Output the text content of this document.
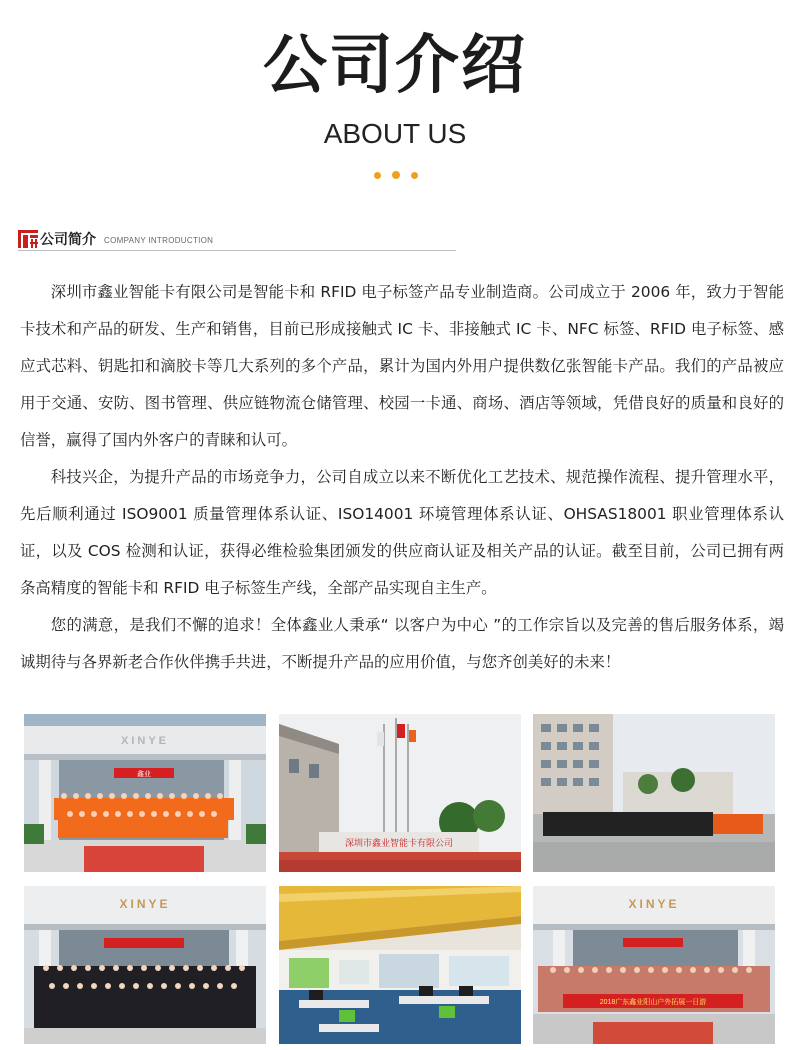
公司介绍
ABOUT US
公司简介 COMPANY INTRODUCTION

深圳市鑫业智能卡有限公司是智能卡和 RFID 电子标签产品专业制造商。公司成立于 2006 年，致力于智能卡技术和产品的研发、生产和销售，目前已形成接触式 IC 卡、非接触式 IC 卡、NFC 标签、RFID 电子标签、感应式芯料、钥匙扣和滴胶卡等几大系列的多个产品，累计为国内外用户提供数亿张智能卡产品。我们的产品被应用于交通、安防、图书管理、供应链物流仓储管理、校园一卡通、商场、酒店等领域，凭借良好的质量和良好的信誉，赢得了国内外客户的青睐和认可。

科技兴企，为提升产品的市场竞争力，公司自成立以来不断优化工艺技术、规范操作流程、提升管理水平，先后顺利通过 ISO9001 质量管理体系认证、ISO14001 环境管理体系认证、OHSAS18001 职业管理体系认证，以及 COS 检测和认证，获得必维检验集团颁发的供应商认证及相关产品的认证。截至目前，公司已拥有两条高精度的智能卡和 RFID 电子标签生产线，全部产品实现自主生产。

您的满意，是我们不懈的追求！全体鑫业人秉承“ 以客户为中心 ”的工作宗旨以及完善的售后服务体系，竭诚期待与各界新老合作伙伴携手共进，不断提升产品的应用价值，与您齐创美好的未来！

XINYE
鑫业
深圳市鑫业智能卡有限公司
XINYE	XINYE
2018广东鑫业阳山户外拓展一日游
